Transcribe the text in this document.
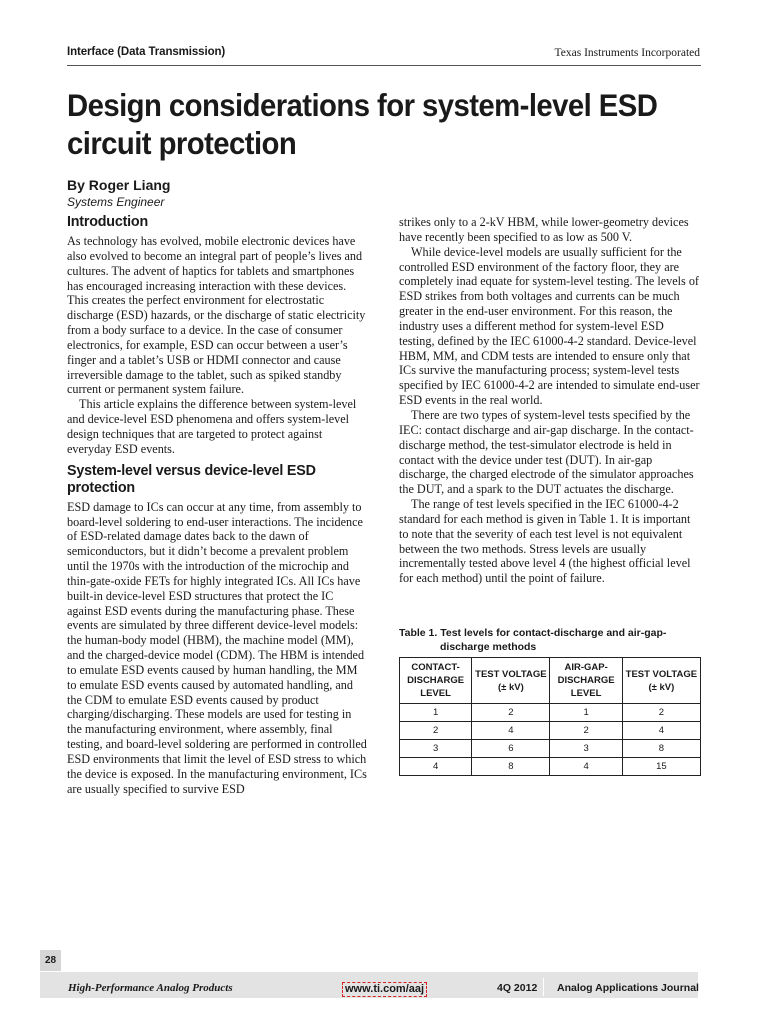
Interface (Data Transmission)	Texas Instruments Incorporated
Design considerations for system-level ESD circuit protection
By Roger Liang
Systems Engineer
Introduction

As technology has evolved, mobile electronic devices have also evolved to become an integral part of people’s lives and cultures. The advent of haptics for tablets and smartphones has encouraged increasing interaction with these devices. This creates the perfect environment for electrostatic discharge (ESD) hazards, or the discharge of static electricity from a body surface to a device. In the case of consumer electronics, for example, ESD can occur between a user’s finger and a tablet’s USB or HDMI connector and cause irreversible damage to the tablet, such as spiked standby current or permanent system failure.

This article explains the difference between system-level and device-level ESD phenomena and offers system-level design techniques that are targeted to protect against everyday ESD events.

System-level versus device-level ESD protection

ESD damage to ICs can occur at any time, from assembly to board-level soldering to end-user interactions. The incidence of ESD-related damage dates back to the dawn of semiconductors, but it didn’t become a prevalent problem until the 1970s with the introduction of the microchip and thin-gate-oxide FETs for highly integrated ICs. All ICs have built-in device-level ESD structures that protect the IC against ESD events during the manufacturing phase. These events are simulated by three different device-level models: the human-body model (HBM), the machine model (MM), and the charged-device model (CDM). The HBM is intended to emulate ESD events caused by human handling, the MM to emulate ESD events caused by automated handling, and the CDM to emulate ESD events caused by product charging/discharging. These models are used for testing in the manufacturing environment, where assembly, final testing, and board-level soldering are performed in controlled ESD environments that limit the level of ESD stress to which the device is exposed. In the manufacturing environment, ICs are usually specified to survive ESD

strikes only to a 2-kV HBM, while lower-geometry devices have recently been specified to as low as 500 V.

While device-level models are usually sufficient for the controlled ESD environment of the factory floor, they are completely inad equate for system-level testing. The levels of ESD strikes from both voltages and currents can be much greater in the end-user environment. For this reason, the industry uses a different method for system-level ESD testing, defined by the IEC 61000-4-2 standard. Device-level HBM, MM, and CDM tests are intended to ensure only that ICs survive the manufacturing process; system-level tests specified by IEC 61000-4-2 are intended to simulate end-user ESD events in the real world.

There are two types of system-level tests specified by the IEC: contact discharge and air-gap discharge. In the contact-discharge method, the test-simulator electrode is held in contact with the device under test (DUT). In air-gap discharge, the charged electrode of the simulator approaches the DUT, and a spark to the DUT actuates the discharge.

The range of test levels specified in the IEC 61000-4-2 standard for each method is given in Table 1. It is important to note that the severity of each test level is not equivalent between the two methods. Stress levels are usually incrementally tested above level 4 (the highest official level for each method) until the point of failure.

Table 1. Test levels for contact-discharge and air-gap-
discharge methods
CONTACT-DISCHARGE LEVEL	TEST VOLTAGE (± kV)	AIR-GAP-DISCHARGE LEVEL	TEST VOLTAGE (± kV)
1	2	1	2
2	4	2	4
3	6	3	8
4	8	4	15
28
High-Performance Analog Products	www.ti.com/aaj	4Q 2012 Analog Applications Journal
